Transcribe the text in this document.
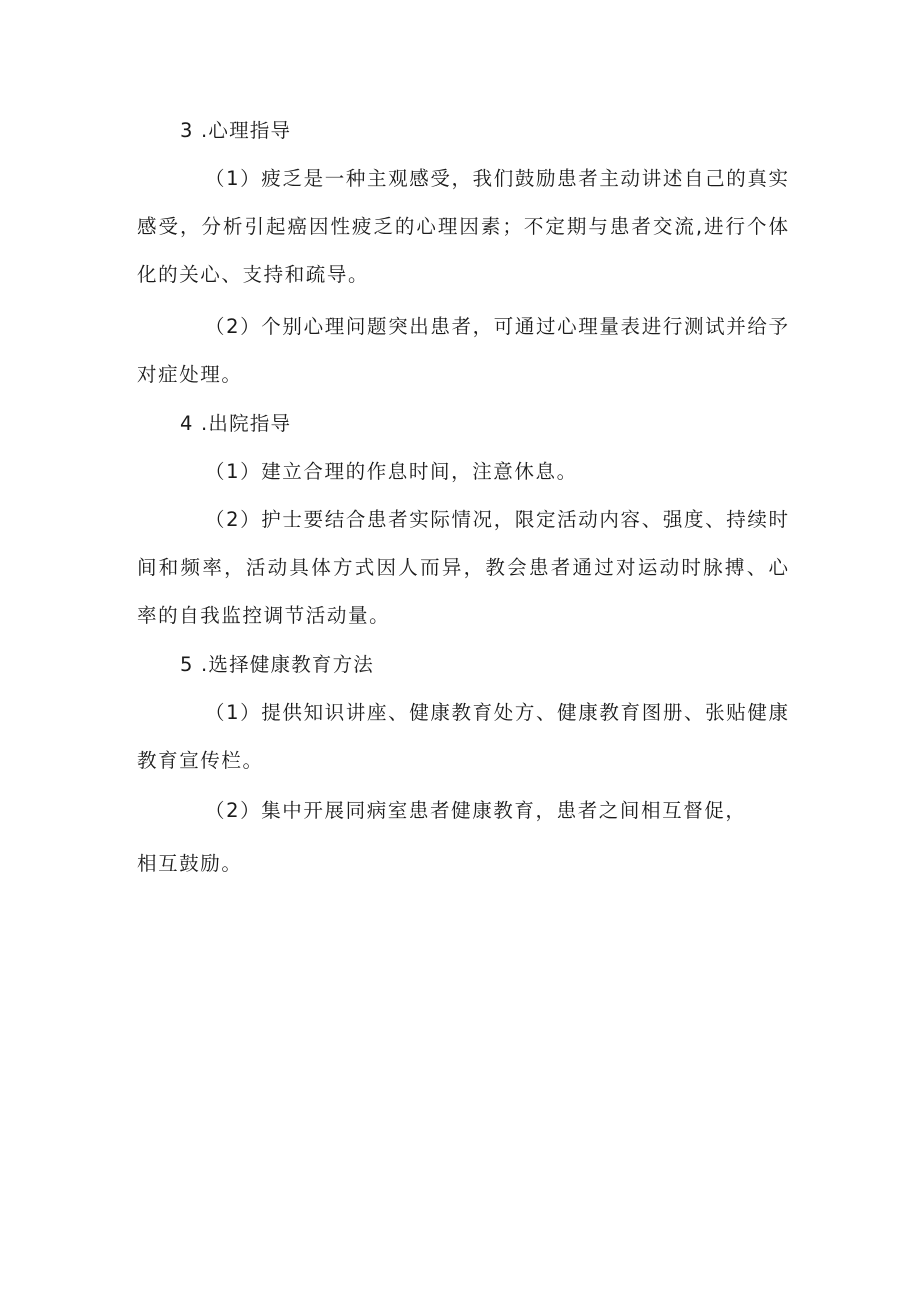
3 .心理指导
（1）疲乏是一种主观感受，我们鼓励患者主动讲述自己的真实
感受，分析引起癌因性疲乏的心理因素；不定期与患者交流,进行个体
化的关心、支持和疏导。
（2）个别心理问题突出患者，可通过心理量表进行测试并给予
对症处理。
4 .出院指导
（1）建立合理的作息时间，注意休息。
（2）护士要结合患者实际情况，限定活动内容、强度、持续时
间和频率，活动具体方式因人而异，教会患者通过对运动时脉搏、心
率的自我监控调节活动量。
5 .选择健康教育方法
（1）提供知识讲座、健康教育处方、健康教育图册、张贴健康
教育宣传栏。
（2）集中开展同病室患者健康教育，患者之间相互督促，
相互鼓励。
